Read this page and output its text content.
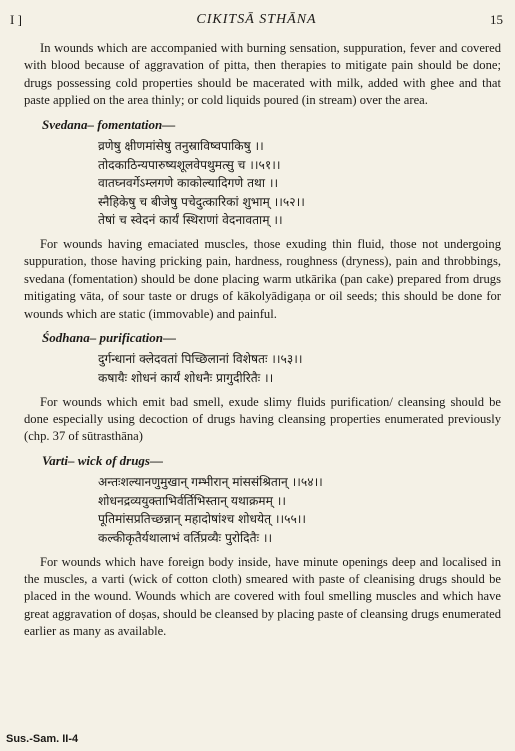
I ]	CIKITSĀ STHĀNA	15

In wounds which are accompanied with burning sensation, suppuration, fever and covered with blood because of aggravation of pitta, then therapies to mitigate pain should be done; drugs possessing cold properties should be macerated with milk, added with ghee and that paste applied on the area thinly; or cold liquids poured (in stream) over the area.

Svedana– fomentation—
व्रणेषु क्षीणमांसेषु तनुस्राविष्वपाकिषु ।।
तोदकाठिन्यपारुष्यशूलवेपथुमत्सु च ।।५१।।
वातघ्नवर्गेऽम्लगणे काकोल्यादिगणे तथा ।।
स्नैहिकेषु च बीजेषु पचेदुत्कारिकां शुभाम् ।।५२।।
तेषां च स्वेदनं कार्यं स्थिराणां वेदनावताम् ।।

For wounds having emaciated muscles, those exuding thin fluid, those not undergoing suppuration, those having pricking pain, hardness, roughness (dryness), pain and throbbings, svedana (fomentation) should be done placing warm utkārika (pan cake) prepared from drugs mitigating vāta, of sour taste or drugs of kākolyādigaṇa or oil seeds; this should be done for wounds which are static (immovable) and painful.

Śodhana– purification—
दुर्गन्धानां क्लेदवतां पिच्छिलानां विशेषतः ।।५३।।
कषायैः शोधनं कार्यं शोधनैः प्रागुदीरितैः ।।

For wounds which emit bad smell, exude slimy fluids purification/ cleansing should be done especially using decoction of drugs having cleansing properties enumerated previously (chp. 37 of sūtrasthāna)

Varti– wick of drugs—
अन्तःशल्यानणुमुखान् गम्भीरान् मांससंश्रितान् ।।५४।।
शोधनद्रव्ययुक्ताभिर्वर्तिभिस्तान् यथाक्रमम् ।।
पूतिमांसप्रतिच्छन्नान् महादोषांश्च शोधयेत् ।।५५।।
कल्कीकृतैर्यथालाभं वर्तिप्रव्यैः पुरोदितैः ।।

For wounds which have foreign body inside, have minute openings deep and localised in the muscles, a varti (wick of cotton cloth) smeared with paste of cleanising drugs should be placed in the wound. Wounds which are covered with foul smelling muscles and which have great aggravation of doṣas, should be cleansed by placing paste of cleansing drugs enumerated earlier as many as available.

Sus.-Sam. II-4
